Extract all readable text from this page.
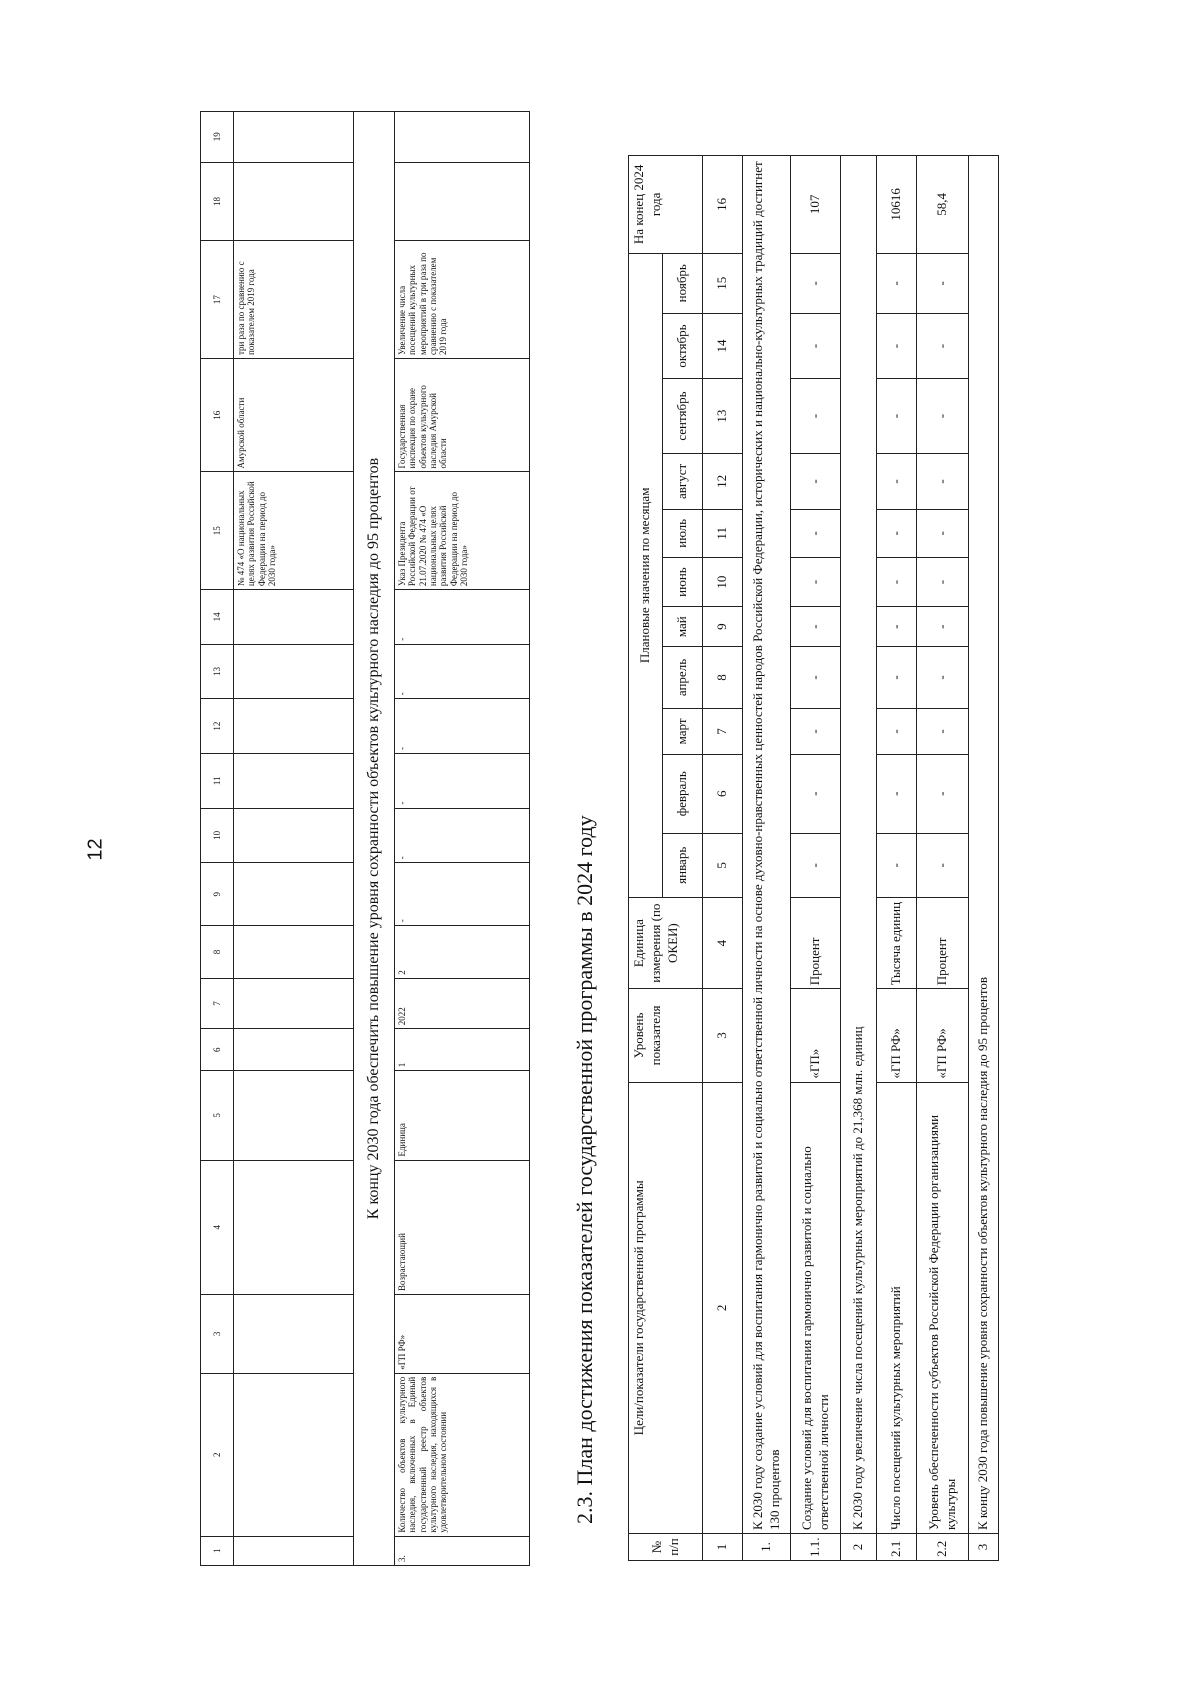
12
1	2	3	4	5	6	7	8	9	10	11	12	13	14	15	16	17	18	19
														№ 474 «О национальных целях развития Российской Федерации на период до 2030 года»	Амурской области	три раза по сравнению с показателем 2019 года		
К концу 2030 года обеспечить повышение уровня сохранности объектов культурного наследия до 95 процентов																		
3.	Количество объектов культурного наследия, включенных в Единый государственный реестр объектов культурного наследия, находящихся в удовлетворительном состоянии	«ГП РФ»	Возрастающий	Единица	1	2022	2	-	-	-	-	-	-	Указ Президента Российской Федерации от 21.07.2020 № 474 «О национальных целях развития Российской Федерации на период до 2030 года»	Государственная инспекция по охране объектов культурного наследия Амурской области	Увеличение числа посещений культурных мероприятий в три раза по сравнению с показателем 2019 года		
2.3. План достижения показателей государственной программы в 2024 году
№ п/п	Цели/показатели государственной программы	Уровень показателя	Единица измерения (по ОКЕИ)	Плановые значения по месяцам											На конец 2024 года
				январь	февраль	март	апрель	май	июнь	июль	август	сентябрь	октябрь	ноябрь	
1	2	3	4	5	6	7	8	9	10	11	12	13	14	15	16
1.	К 2030 году создание условий для воспитания гармонично развитой и социально ответственной личности на основе духовно-нравственных ценностей народов Российской Федерации, исторических и национально-культурных традиций достигнет 130 процентов														
1.1.	Создание условий для воспитания гармонично развитой и социально ответственной личности	«ГП»	Процент	-	-	-	-	-	-	-	-	-	-	-	107
2	К 2030 году увеличение числа посещений культурных мероприятий до 21,368 млн. единиц														
2.1	Число посещений культурных мероприятий	«ГП РФ»	Тысяча единиц	-	-	-	-	-	-	-	-	-	-	-	10616
2.2	Уровень обеспеченности субъектов Российской Федерации организациями культуры	«ГП РФ»	Процент	-	-	-	-	-	-	-	-	-	-	-	58,4
3	К концу 2030 года повышение уровня сохранности объектов культурного наследия до 95 процентов														
